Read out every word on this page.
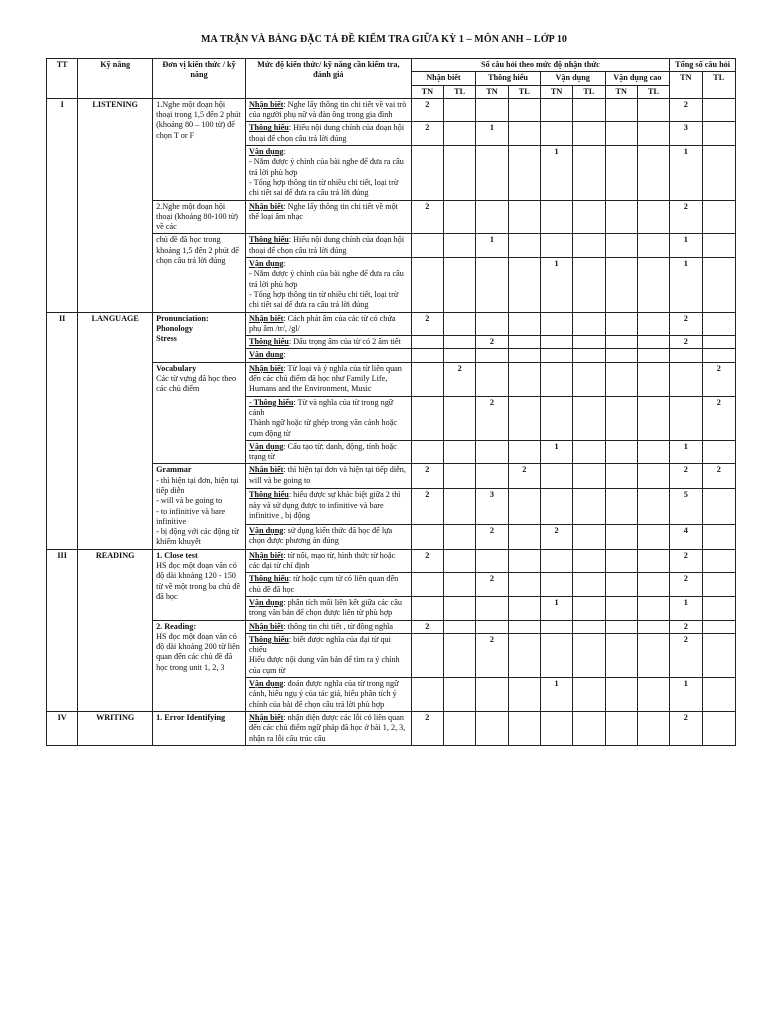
MA TRẬN VÀ BẢNG ĐẶC TẢ ĐỀ KIỂM TRA GIỮA KỲ 1 – MÔN ANH – LỚP 10
TT	Kỹ năng	Đơn vị kiến thức / kỹ năng	Mức độ kiến thức/ kỹ năng cần kiểm tra, đánh giá	Số câu hỏi theo mức độ nhận thức								Tổng số câu hỏi	
				Nhận biết		Thông hiểu		Vận dụng		Vận dụng cao		TN	TL
				TN	TL	TN	TL	TN	TL	TN	TL		
I	LISTENING	1.Nghe một đoạn hội thoại trong 1,5 đến 2 phút (khoảng 80 – 100 từ) để chọn T or F	Nhận biết: Nghe lấy thông tin chi tiết về vai trò của người phụ nữ và đàn ông trong gia đình	2								2	

			Thông hiểu: Hiểu nội dung chính của đoạn hội thoại để chọn câu trả lời đúng	2		1						3	

			Vận dụng:
- Nắm được ý chính của bài nghe để đưa ra câu trả lời phù hợp
- Tổng hợp thông tin từ nhiều chi tiết, loại trừ chi tiết sai để đưa ra câu trả lời đúng					1				1	

		2.Nghe một đoạn hội thoại (khoảng 80-100 từ) về các	Nhận biết: Nghe lấy thông tin chi tiết về một thể loại âm nhạc	2								2	

		chủ đề đã học trong khoảng 1,5 đến 2 phút để chọn câu trả lời đúng	Thông hiểu: Hiểu nội dung chính của đoạn hội thoại để chọn câu trả lời đúng			1						1	

			Vận dụng:
- Nắm được ý chính của bài nghe để đưa ra câu trả lời phù hợp
- Tổng hợp thông tin từ nhiều chi tiết, loại trừ chi tiết sai để đưa ra câu trả lời đúng					1				1	
II	LANGUAGE	Pronunciation:
Phonology
Stress	Nhận biết: Cách phát âm của các từ có chứa phụ âm /tr/, /gl/	2								2	

			Thông hiểu: Dấu trọng âm của từ có 2 âm tiết			2						2	

			Vận dụng:										

		Vocabulary
Các từ vựng đã học theo các chủ điểm	Nhận biết: Từ loại và ý nghĩa của từ liên quan đến các chủ điểm đã học như Family Life, Humans and the Environment, Music		2								2

			- Thông hiểu: Từ và nghĩa của từ trong ngữ cảnh
Thành ngữ hoặc từ ghép trong văn cảnh hoặc cụm động từ			2							2

			Vận dụng: Cấu tạo từ: danh, động, tính hoặc trạng từ					1				1	

		Grammar
- thì hiện tại đơn, hiện tại tiếp diễn
- will và be going to
- to infinitive và bare infinitive
- bị động với các động từ khiếm khuyết	Nhận biết: thì hiện tại đơn và hiện tại tiếp diễn, will và be going to	2			2					2	2

			Thông hiểu: hiểu được sự khác biệt giữa 2 thì này và sử dụng được to infinitive và bare infinitive , bị động	2		3						5	

			Vận dụng: sử dụng kiến thức đã học để lựa chọn được phương án đúng			2		2				4	
III	READING	1. Close test
HS đọc một đoạn văn có độ dài khoảng 120 - 150 từ về một trong ba chủ đề đã học	Nhận biết: từ nối, mạo từ, hình thức từ hoặc các đại từ chỉ định	2								2	

			Thông hiểu: từ hoặc cụm từ có liên quan đến chủ đề đã học			2						2	

			Vận dụng: phân tích mối liên kết giữa các câu trong văn bản để chọn được liên từ phù hợp					1				1	

		2. Reading:
HS đọc một đoạn văn có độ dài khoảng 200 từ liên quan đến các chủ đề đã học trong unit 1, 2, 3	Nhận biết: thông tin chi tiết , từ đồng nghĩa	2								2	

			Thông hiểu: biết được nghĩa của đại từ qui chiếu
Hiểu được nội dung văn bản để tìm ra ý chính của cụm từ			2						2	

			Vận dụng: đoán được nghĩa của từ trong ngữ cảnh, hiểu ngụ ý của tác giả, hiểu phân tích ý chính của bài để chọn câu trả lời phù hợp					1				1	
IV	WRITING	1. Error Identifying	Nhận biết: nhận diện được các lỗi có liên quan đến các chủ điểm ngữ pháp đã học ở bài 1, 2, 3, nhận ra lỗi cấu trúc câu	2								2	
